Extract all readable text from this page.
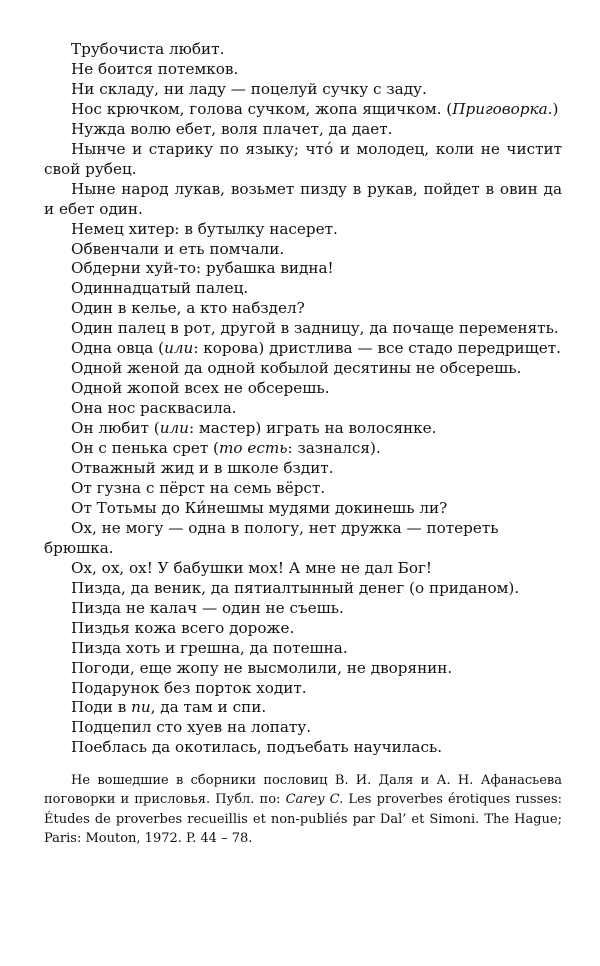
Трубочиста любит.

Не боится потемков.

Ни складу, ни ладу — поцелуй сучку с заду.

Нос крючком, голова сучком, жопа ящичком. (Приговорка.)

Нужда волю ебет, воля плачет, да дает.

Нынче и старику по языку; что́ и молодец, коли не чистит свой рубец.

Ныне народ лукав, возьмет пизду в рукав, пойдет в овин да и ебет один.

Немец хитер: в бутылку насерет.

Обвенчали и еть помчали.

Обдерни хуй-то: рубашка видна!

Одиннадцатый палец.

Один в келье, а кто набздел?

Один палец в рот, другой в задницу, да почаще переменять.

Одна овца (или: корова) дристлива — все стадо передрищет.

Одной женой да одной кобылой десятины не обсерешь.

Одной жопой всех не обсерешь.

Она нос расквасила.

Он любит (или: мастер) играть на волосянке.

Он с пенька срет (то есть: зазнался).

Отважный жид и в школе бздит.

От гузна с пёрст на семь вёрст.

От Тотьмы до Ки́нешмы мудями докинешь ли?

Ох, не могу — одна в пологу, нет дружка — потереть брюшка.

Ох, ох, ох! У бабушки мох! А мне не дал Бог!

Пизда, да веник, да пятиалтынный денег (о приданом).

Пизда не калач — один не съешь.

Пиздья кожа всего дороже.

Пизда хоть и грешна, да потешна.

Погоди, еще жопу не высмолили, не дворянин.

Подарунок без порток ходит.

Поди в пи, да там и спи.

Подцепил сто хуев на лопату.

Поеблась да окотилась, подъебать научилась.

Не вошедшие в сборники пословиц В. И. Даля и А. Н. Афанасьева поговорки и присловья. Публ. по: Carey C. Les proverbes érotiques russes: Études de proverbes recueillis et non-publiés par Dal’ et Simoni. The Hague; Paris: Mouton, 1972. P. 44 – 78.
